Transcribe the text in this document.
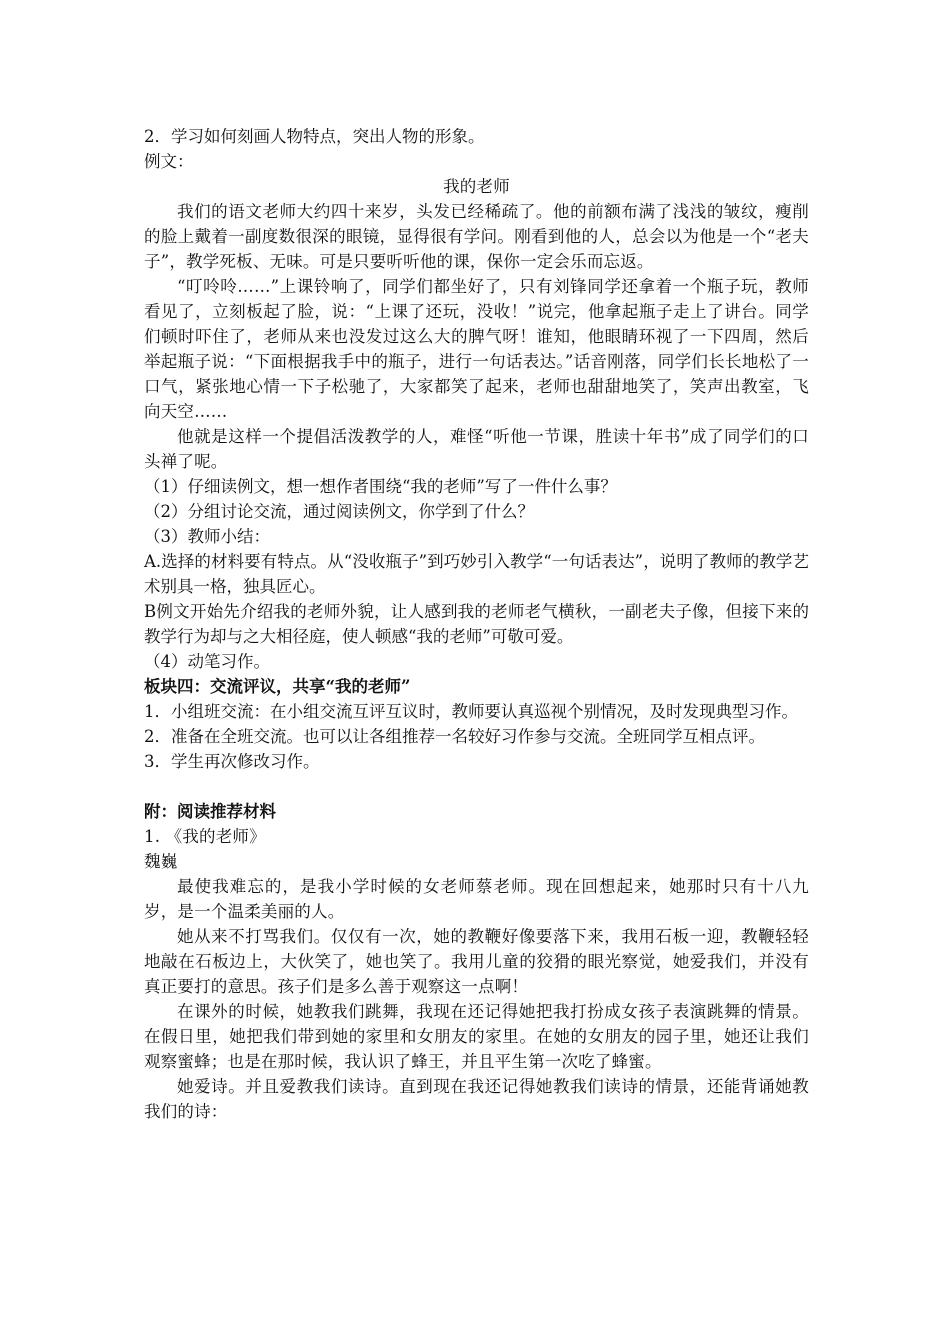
2．学习如何刻画人物特点，突出人物的形象。

例文：

我的老师

我们的语文老师大约四十来岁，头发已经稀疏了。他的前额布满了浅浅的皱纹，瘦削的脸上戴着一副度数很深的眼镜，显得很有学问。刚看到他的人，总会以为他是一个“老夫子”，教学死板、无味。可是只要听听他的课，保你一定会乐而忘返。

“叮呤呤……”上课铃响了，同学们都坐好了，只有刘锋同学还拿着一个瓶子玩，教师看见了，立刻板起了脸，说：“上课了还玩，没收！”说完，他拿起瓶子走上了讲台。同学们顿时吓住了，老师从来也没发过这么大的脾气呀！谁知，他眼睛环视了一下四周，然后举起瓶子说：“下面根据我手中的瓶子，进行一句话表达。”话音刚落，同学们长长地松了一口气，紧张地心情一下子松驰了，大家都笑了起来，老师也甜甜地笑了，笑声出教室，飞向天空……

他就是这样一个提倡活泼教学的人，难怪“听他一节课，胜读十年书”成了同学们的口头禅了呢。

（1）仔细读例文，想一想作者围绕“我的老师”写了一件什么事？

（2）分组讨论交流，通过阅读例文，你学到了什么？

（3）教师小结：

A.选择的材料要有特点。从“没收瓶子”到巧妙引入教学“一句话表达”，说明了教师的教学艺术别具一格，独具匠心。

B例文开始先介绍我的老师外貌，让人感到我的老师老气横秋，一副老夫子像，但接下来的教学行为却与之大相径庭，使人顿感“我的老师”可敬可爱。

（4）动笔习作。

板块四：交流评议，共享“我的老师”

1．小组班交流：在小组交流互评互议时，教师要认真巡视个别情况，及时发现典型习作。

2．准备在全班交流。也可以让各组推荐一名较好习作参与交流。全班同学互相点评。

3．学生再次修改习作。

附：阅读推荐材料

1. 《我的老师》

魏巍

最使我难忘的，是我小学时候的女老师蔡老师。现在回想起来，她那时只有十八九岁，是一个温柔美丽的人。

她从来不打骂我们。仅仅有一次，她的教鞭好像要落下来，我用石板一迎，教鞭轻轻地敲在石板边上，大伙笑了，她也笑了。我用儿童的狡猾的眼光察觉，她爱我们，并没有真正要打的意思。孩子们是多么善于观察这一点啊！

在课外的时候，她教我们跳舞，我现在还记得她把我打扮成女孩子表演跳舞的情景。在假日里，她把我们带到她的家里和女朋友的家里。在她的女朋友的园子里，她还让我们观察蜜蜂；也是在那时候，我认识了蜂王，并且平生第一次吃了蜂蜜。

她爱诗。并且爱教我们读诗。直到现在我还记得她教我们读诗的情景，还能背诵她教我们的诗：
